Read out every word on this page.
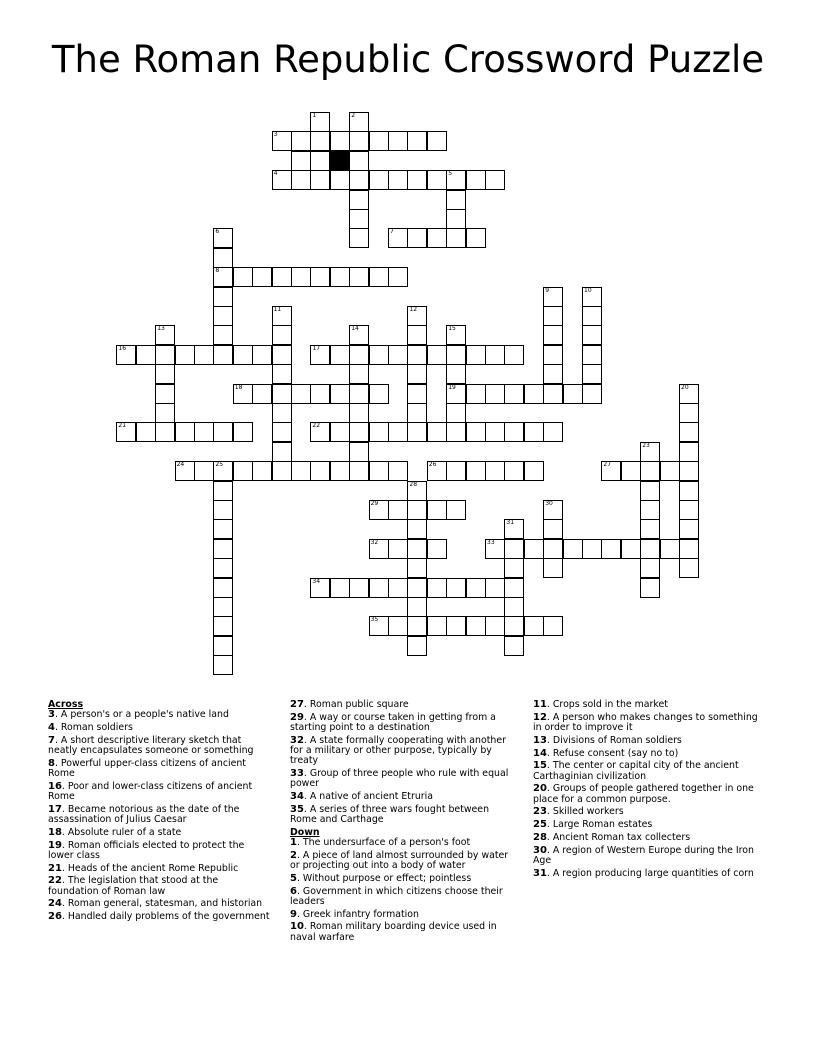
The Roman Republic Crossword Puzzle
1	2
3
4	5
6	7
8
9	10
11	12
13	14	15
16	17
18	19	20
21	22
23
24	25	26	27
28
29	30
31
32	33
34
35
Across
3. A person's or a people's native land
4. Roman soldiers
7. A short descriptive literary sketch that neatly encapsulates someone or something
8. Powerful upper-class citizens of ancient Rome
16. Poor and lower-class citizens of ancient Rome
17. Became notorious as the date of the assassination of Julius Caesar
18. Absolute ruler of a state
19. Roman officials elected to protect the lower class
21. Heads of the ancient Rome Republic
22. The legislation that stood at the foundation of Roman law
24. Roman general, statesman, and historian
26. Handled daily problems of the government
27. Roman public square
29. A way or course taken in getting from a starting point to a destination
32. A state formally cooperating with another for a military or other purpose, typically by treaty
33. Group of three people who rule with equal power
34. A native of ancient Etruria
35. A series of three wars fought between Rome and Carthage
Down
1. The undersurface of a person's foot
2. A piece of land almost surrounded by water or projecting out into a body of water
5. Without purpose or effect; pointless
6. Government in which citizens choose their leaders
9. Greek infantry formation
10. Roman military boarding device used in naval warfare
11. Crops sold in the market
12. A person who makes changes to something in order to improve it
13. Divisions of Roman soldiers
14. Refuse consent (say no to)
15. The center or capital city of the ancient Carthaginian civilization
20. Groups of people gathered together in one place for a common purpose.
23. Skilled workers
25. Large Roman estates
28. Ancient Roman tax collecters
30. A region of Western Europe during the Iron Age
31. A region producing large quantities of corn
